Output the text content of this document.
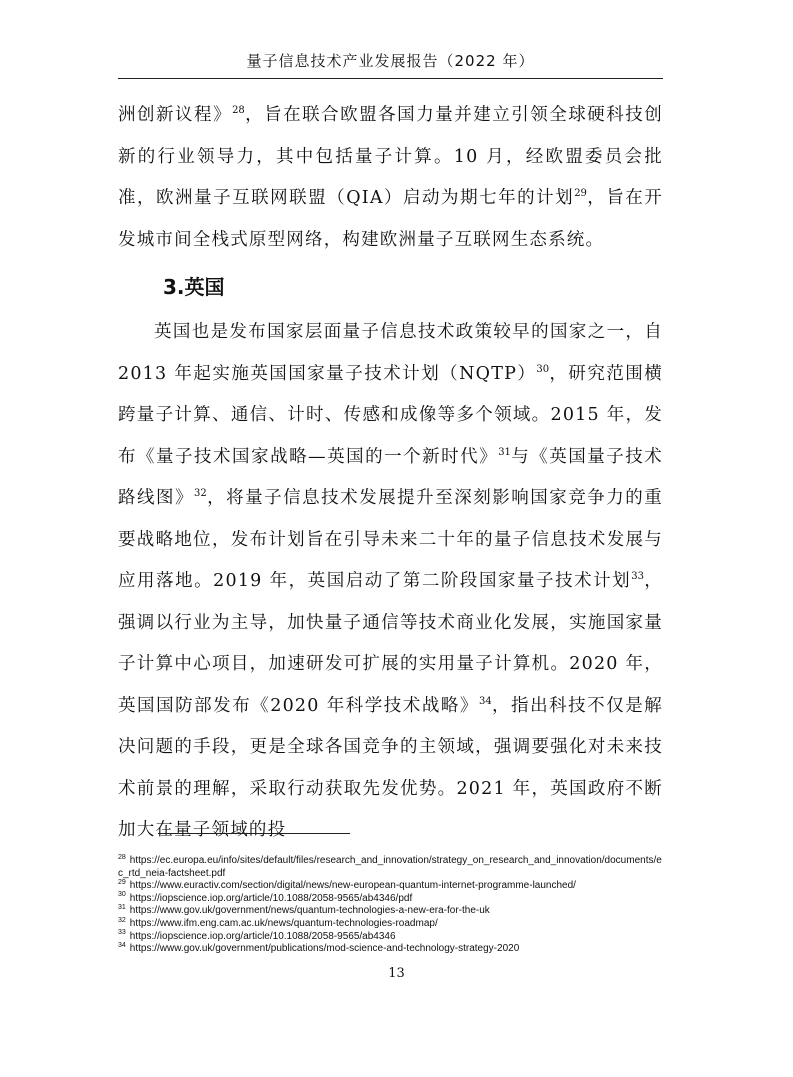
量子信息技术产业发展报告（2022 年）

洲创新议程》$^{28}$，旨在联合欧盟各国力量并建立引领全球硬科技创新的行业领导力，其中包括量子计算。10 月，经欧盟委员会批准，欧洲量子互联网联盟（QIA）启动为期七年的计划$^{29}$，旨在开发城市间全栈式原型网络，构建欧洲量子互联网生态系统。

3.英国

英国也是发布国家层面量子信息技术政策较早的国家之一，自 2013 年起实施英国国家量子技术计划（NQTP）$^{30}$，研究范围横跨量子计算、通信、计时、传感和成像等多个领域。2015 年，发布《量子技术国家战略—英国的一个新时代》$^{31}$与《英国量子技术路线图》$^{32}$，将量子信息技术发展提升至深刻影响国家竞争力的重要战略地位，发布计划旨在引导未来二十年的量子信息技术发展与应用落地。2019 年，英国启动了第二阶段国家量子技术计划$^{33}$，强调以行业为主导，加快量子通信等技术商业化发展，实施国家量子计算中心项目，加速研发可扩展的实用量子计算机。2020 年，英国国防部发布《2020 年科学技术战略》$^{34}$，指出科技不仅是解决问题的手段，更是全球各国竞争的主领域，强调要强化对未来技术前景的理解，采取行动获取先发优势。2021 年，英国政府不断加大在量子领域的投

$^{28}$ https://ec.europa.eu/info/sites/default/files/research_and_innovation/strategy_on_research_and_innovation/documents/ec_rtd_neia-factsheet.pdf

$^{29}$ https://www.euractiv.com/section/digital/news/new-european-quantum-internet-programme-launched/

$^{30}$ https://iopscience.iop.org/article/10.1088/2058-9565/ab4346/pdf

$^{31}$ https://www.gov.uk/government/news/quantum-technologies-a-new-era-for-the-uk

$^{32}$ https://www.ifm.eng.cam.ac.uk/news/quantum-technologies-roadmap/

$^{33}$ https://iopscience.iop.org/article/10.1088/2058-9565/ab4346

$^{34}$ https://www.gov.uk/government/publications/mod-science-and-technology-strategy-2020

13
